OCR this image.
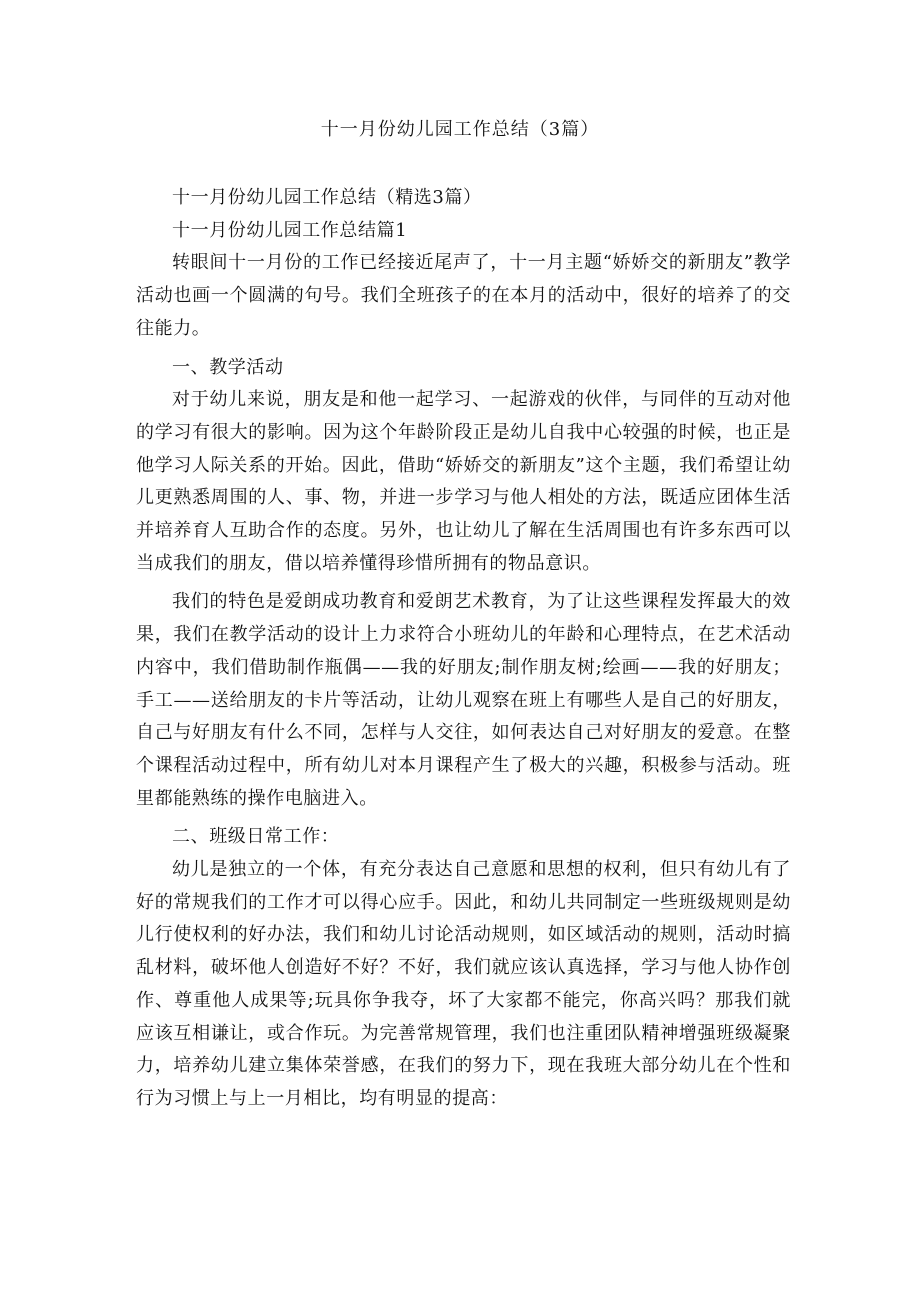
十一月份幼儿园工作总结（3篇）

十一月份幼儿园工作总结（精选3篇）

十一月份幼儿园工作总结篇1

转眼间十一月份的工作已经接近尾声了，十一月主题“娇娇交的新朋友”教学活动也画一个圆满的句号。我们全班孩子的在本月的活动中，很好的培养了的交往能力。

一、教学活动

对于幼儿来说，朋友是和他一起学习、一起游戏的伙伴，与同伴的互动对他的学习有很大的影响。因为这个年龄阶段正是幼儿自我中心较强的时候，也正是他学习人际关系的开始。因此，借助“娇娇交的新朋友”这个主题，我们希望让幼儿更熟悉周围的人、事、物，并进一步学习与他人相处的方法，既适应团体生活并培养育人互助合作的态度。另外，也让幼儿了解在生活周围也有许多东西可以当成我们的朋友，借以培养懂得珍惜所拥有的物品意识。

我们的特色是爱朗成功教育和爱朗艺术教育，为了让这些课程发挥最大的效果，我们在教学活动的设计上力求符合小班幼儿的年龄和心理特点，在艺术活动内容中，我们借助制作瓶偶——我的好朋友;制作朋友树;绘画——我的好朋友；手工——送给朋友的卡片等活动，让幼儿观察在班上有哪些人是自己的好朋友，自己与好朋友有什么不同，怎样与人交往，如何表达自己对好朋友的爱意。在整个课程活动过程中，所有幼儿对本月课程产生了极大的兴趣，积极参与活动。班里都能熟练的操作电脑进入。

二、班级日常工作：

幼儿是独立的一个体，有充分表达自己意愿和思想的权利，但只有幼儿有了好的常规我们的工作才可以得心应手。因此，和幼儿共同制定一些班级规则是幼儿行使权利的好办法，我们和幼儿讨论活动规则，如区域活动的规则，活动时搞乱材料，破坏他人创造好不好？不好，我们就应该认真选择，学习与他人协作创作、尊重他人成果等;玩具你争我夺，坏了大家都不能完，你高兴吗？那我们就应该互相谦让，或合作玩。为完善常规管理，我们也注重团队精神增强班级凝聚力，培养幼儿建立集体荣誉感，在我们的努力下，现在我班大部分幼儿在个性和行为习惯上与上一月相比，均有明显的提高：
